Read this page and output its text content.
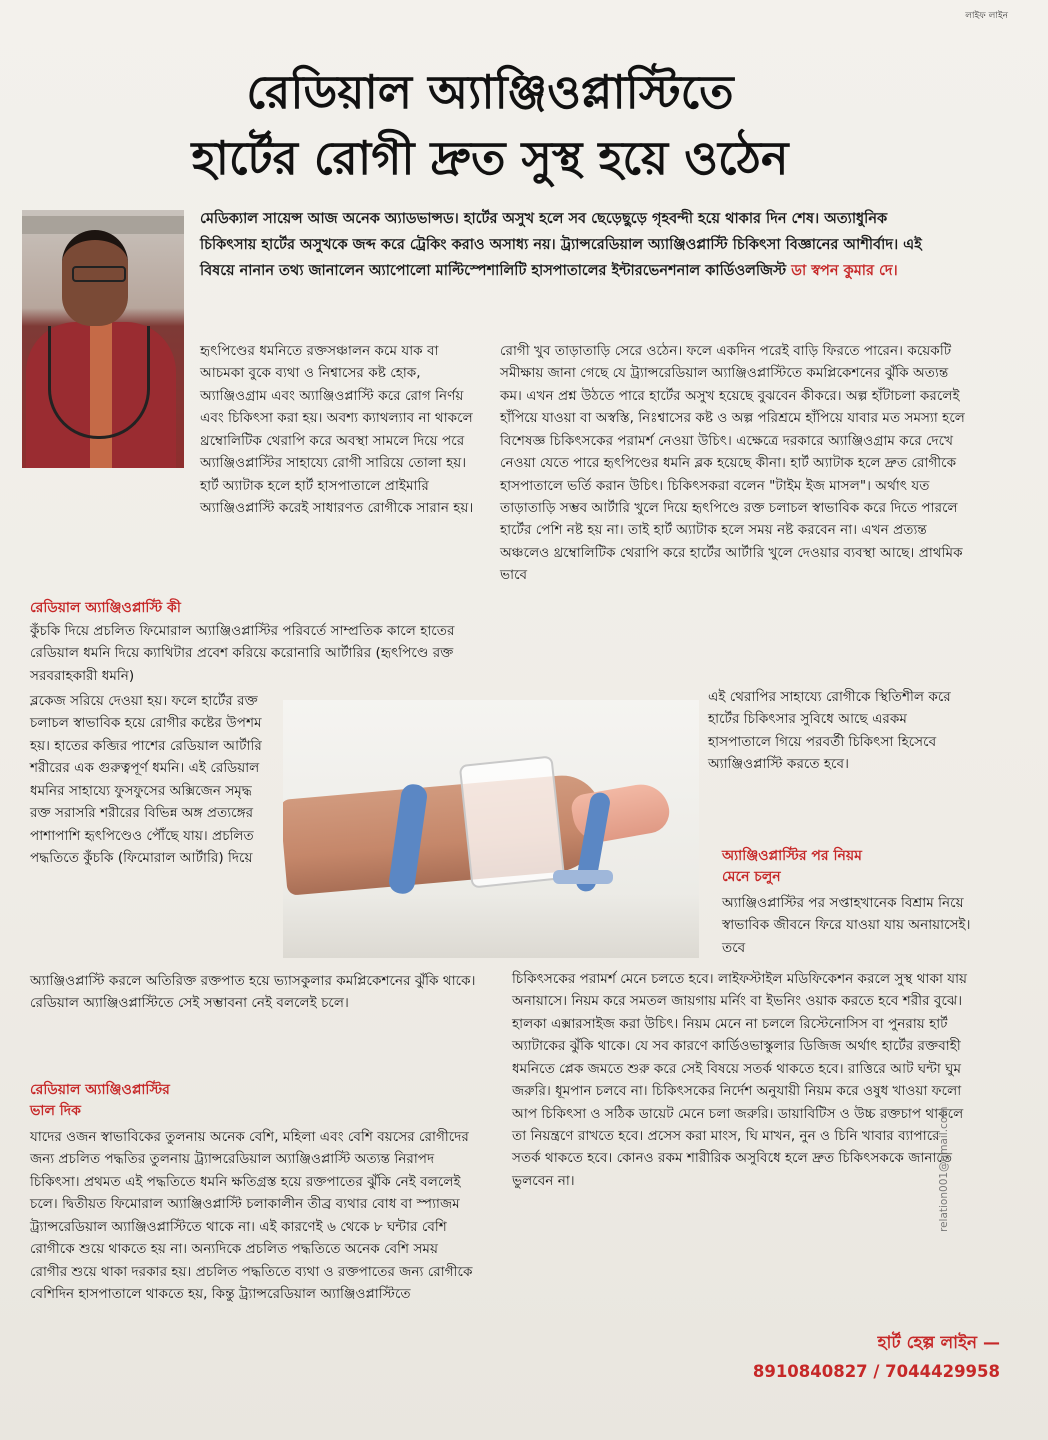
লাইফ লাইন
রেডিয়াল অ্যাঞ্জিওপ্লাস্টিতে
হার্টের রোগী দ্রুত সুস্থ হয়ে ওঠেন
মেডিক্যাল সায়েন্স আজ অনেক অ্যাডভান্সড। হার্টের অসুখ হলে সব ছেড়েছুড়ে গৃহবন্দী হয়ে থাকার দিন শেষ। অত্যাধুনিক চিকিৎসায় হার্টের অসুখকে জব্দ করে ট্রেকিং করাও অসাধ্য নয়। ট্র্যান্সরেডিয়াল অ্যাঞ্জিওপ্লাস্টি চিকিৎসা বিজ্ঞানের আশীর্বাদ। এই বিষয়ে নানান তথ্য জানালেন অ্যাপোলো মাল্টিস্পেশালিটি হাসপাতালের ইন্টারভেনশনাল কার্ডিওলজিস্ট ডা স্বপন কুমার দে।

হৃৎপিণ্ডের ধমনিতে রক্তসঞ্চালন কমে যাক বা আচমকা বুকে ব্যথা ও নিশ্বাসের কষ্ট হোক, অ্যাঞ্জিওগ্রাম এবং অ্যাঞ্জিওপ্লাস্টি করে রোগ নির্ণয় এবং চিকিৎসা করা হয়। অবশ্য ক্যাথল্যাব না থাকলে থ্রম্বোলিটিক থেরাপি করে অবস্থা সামলে দিয়ে পরে অ্যাঞ্জিওপ্লাস্টির সাহায্যে রোগী সারিয়ে তোলা হয়। হার্ট অ্যাটাক হলে হার্ট হাসপাতালে প্রাইমারি অ্যাঞ্জিওপ্লাস্টি করেই সাধারণত রোগীকে সারান হয়।

রেডিয়াল অ্যাঞ্জিওপ্লাস্টি কী

কুঁচকি দিয়ে প্রচলিত ফিমোরাল অ্যাঞ্জিওপ্লাস্টির পরিবর্তে সাম্প্রতিক কালে হাতের রেডিয়াল ধমনি দিয়ে ক্যাথিটার প্রবেশ করিয়ে করোনারি আর্টারির (হৃৎপিণ্ডে রক্ত সরবরাহকারী ধমনি)

ব্লকেজ সরিয়ে দেওয়া হয়। ফলে হার্টের রক্ত চলাচল স্বাভাবিক হয়ে রোগীর কষ্টের উপশম হয়। হাতের কব্জির পাশের রেডিয়াল আর্টারি শরীরের এক গুরুত্বপূর্ণ ধমনি। এই রেডিয়াল ধমনির সাহায্যে ফুসফুসের অক্সিজেন সমৃদ্ধ রক্ত সরাসরি শরীরের বিভিন্ন অঙ্গ প্রত্যঙ্গের পাশাপাশি হৃৎপিণ্ডেও পৌঁছে যায়। প্রচলিত পদ্ধতিতে কুঁচকি (ফিমোরাল আর্টারি) দিয়ে

অ্যাঞ্জিওপ্লাস্টি করলে অতিরিক্ত রক্তপাত হয়ে ভ্যাসকুলার কমপ্লিকেশনের ঝুঁকি থাকে। রেডিয়াল অ্যাঞ্জিওপ্লাস্টিতে সেই সম্ভাবনা নেই বললেই চলে।

রেডিয়াল অ্যাঞ্জিওপ্লাস্টির
ভাল দিক

যাদের ওজন স্বাভাবিকের তুলনায় অনেক বেশি, মহিলা এবং বেশি বয়সের রোগীদের জন্য প্রচলিত পদ্ধতির তুলনায় ট্র্যান্সরেডিয়াল অ্যাঞ্জিওপ্লাস্টি অত্যন্ত নিরাপদ চিকিৎসা। প্রথমত এই পদ্ধতিতে ধমনি ক্ষতিগ্রস্ত হয়ে রক্তপাতের ঝুঁকি নেই বললেই চলে। দ্বিতীয়ত ফিমোরাল অ্যাঞ্জিওপ্লাস্টি চলাকালীন তীব্র ব্যথার বোধ বা স্প্যাজম ট্র্যান্সরেডিয়াল অ্যাঞ্জিওপ্লাস্টিতে থাকে না। এই কারণেই ৬ থেকে ৮ ঘন্টার বেশি রোগীকে শুয়ে থাকতে হয় না। অন্যদিকে প্রচলিত পদ্ধতিতে অনেক বেশি সময় রোগীর শুয়ে থাকা দরকার হয়। প্রচলিত পদ্ধতিতে ব্যথা ও রক্তপাতের জন্য রোগীকে বেশিদিন হাসপাতালে থাকতে হয়, কিন্তু ট্র্যান্সরেডিয়াল অ্যাঞ্জিওপ্লাস্টিতে

রোগী খুব তাড়াতাড়ি সেরে ওঠেন। ফলে একদিন পরেই বাড়ি ফিরতে পারেন। কয়েকটি সমীক্ষায় জানা গেছে যে ট্র্যান্সরেডিয়াল অ্যাঞ্জিওপ্লাস্টিতে কমপ্লিকেশনের ঝুঁকি অত্যন্ত কম। এখন প্রশ্ন উঠতে পারে হার্টের অসুখ হয়েছে বুঝবেন কীকরে। অল্প হাঁটাচলা করলেই হাঁপিয়ে যাওয়া বা অস্বস্তি, নিঃশ্বাসের কষ্ট ও অল্প পরিশ্রমে হাঁপিয়ে যাবার মত সমস্যা হলে বিশেষজ্ঞ চিকিৎসকের পরামর্শ নেওয়া উচিৎ। এক্ষেত্রে দরকারে অ্যাঞ্জিওগ্রাম করে দেখে নেওয়া যেতে পারে হৃৎপিণ্ডের ধমনি ব্লক হয়েছে কীনা। হার্ট অ্যাটাক হলে দ্রুত রোগীকে হাসপাতালে ভর্তি করান উচিৎ। চিকিৎসকরা বলেন "টাইম ইজ মাসল"। অর্থাৎ যত তাড়াতাড়ি সম্ভব আর্টারি খুলে দিয়ে হৃৎপিণ্ডে রক্ত চলাচল স্বাভাবিক করে দিতে পারলে হার্টের পেশি নষ্ট হয় না। তাই হার্ট অ্যাটাক হলে সময় নষ্ট করবেন না। এখন প্রত্যন্ত অঞ্চলেও থ্রম্বোলিটিক থেরাপি করে হার্টের আর্টারি খুলে দেওয়ার ব্যবস্থা আছে। প্রাথমিক ভাবে

এই থেরাপির সাহায্যে রোগীকে স্থিতিশীল করে হার্টের চিকিৎসার সুবিধে আছে এরকম হাসপাতালে গিয়ে পরবর্তী চিকিৎসা হিসেবে অ্যাঞ্জিওপ্লাস্টি করতে হবে।

অ্যাঞ্জিওপ্লাস্টির পর নিয়ম
মেনে চলুন

অ্যাঞ্জিওপ্লাস্টির পর সপ্তাহখানেক বিশ্রাম নিয়ে স্বাভাবিক জীবনে ফিরে যাওয়া যায় অনায়াসেই। তবে

চিকিৎসকের পরামর্শ মেনে চলতে হবে। লাইফস্টাইল মডিফিকেশন করলে সুস্থ থাকা যায় অনায়াসে। নিয়ম করে সমতল জায়গায় মর্নিং বা ইভনিং ওয়াক করতে হবে শরীর বুঝে। হালকা এক্সারসাইজ করা উচিৎ। নিয়ম মেনে না চললে রিস্টেনোসিস বা পুনরায় হার্ট অ্যাটাকের ঝুঁকি থাকে। যে সব কারণে কার্ডিওভাস্কুলার ডিজিজ অর্থাৎ হার্টের রক্তবাহী ধমনিতে প্লেক জমতে শুরু করে সেই বিষয়ে সতর্ক থাকতে হবে। রাত্তিরে আট ঘন্টা ঘুম জরুরি। ধূমপান চলবে না। চিকিৎসকের নির্দেশ অনুযায়ী নিয়ম করে ওষুধ খাওয়া ফলো আপ চিকিৎসা ও সঠিক ডায়েট মেনে চলা জরুরি। ডায়াবিটিস ও উচ্চ রক্তচাপ থাকলে তা নিয়ন্ত্রণে রাখতে হবে। প্রসেস করা মাংস, ঘি মাখন, নুন ও চিনি খাবার ব্যাপারে সতর্ক থাকতে হবে। কোনও রকম শারীরিক অসুবিধে হলে দ্রুত চিকিৎসককে জানাতে ভুলবেন না।	relation001@gmail.com
হার্ট হেল্প লাইন —
8910840827 / 7044429958
